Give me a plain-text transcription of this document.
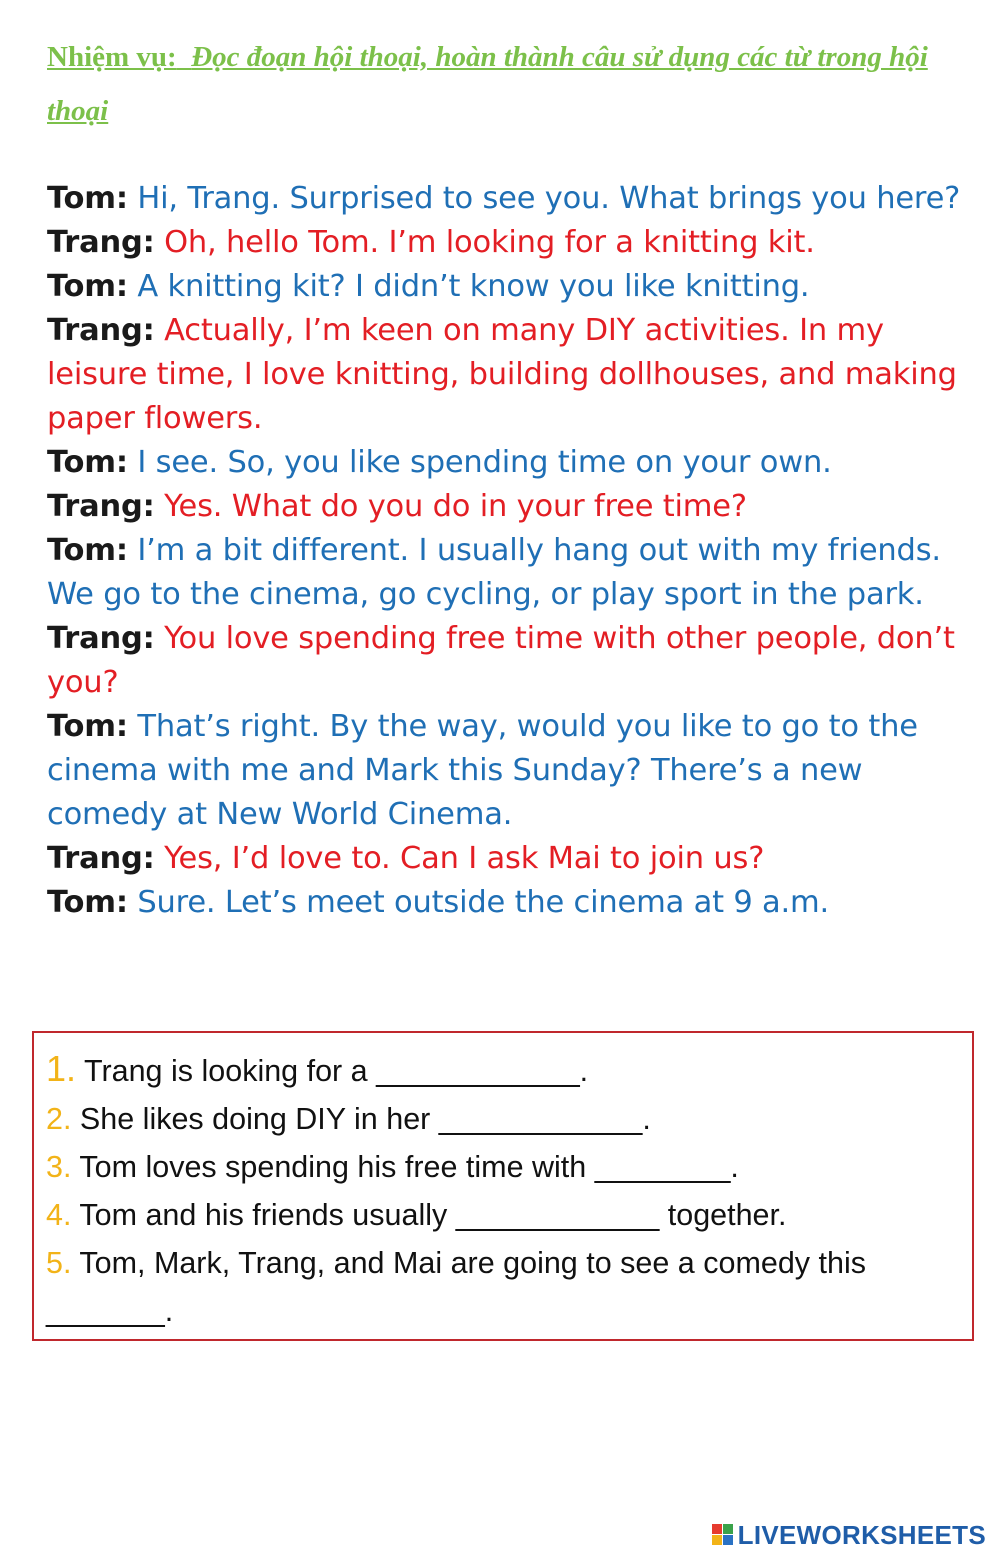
Nhiệm vụ: Đọc đoạn hội thoại, hoàn thành câu sử dụng các từ trong hội thoại

Tom: Hi, Trang. Surprised to see you. What brings you here?

Trang: Oh, hello Tom. I’m looking for a knitting kit.

Tom: A knitting kit? I didn’t know you like knitting.

Trang: Actually, I’m keen on many DIY activities. In my leisure time, I love knitting, building dollhouses, and making paper flowers.

Tom: I see. So, you like spending time on your own.

Trang: Yes. What do you do in your free time?

Tom: I’m a bit different. I usually hang out with my friends. We go to the cinema, go cycling, or play sport in the park.

Trang: You love spending free time with other people, don’t you?

Tom: That’s right. By the way, would you like to go to the cinema with me and Mark this Sunday? There’s a new comedy at New World Cinema.

Trang: Yes, I’d love to. Can I ask Mai to join us?

Tom: Sure. Let’s meet outside the cinema at 9 a.m.

1. Trang is looking for a ____________.

2. She likes doing DIY in her ____________.

3. Tom loves spending his free time with ________.

4. Tom and his friends usually ____________ together.

5. Tom, Mark, Trang, and Mai are going to see a comedy this _______.

LIVEWORKSHEETS
